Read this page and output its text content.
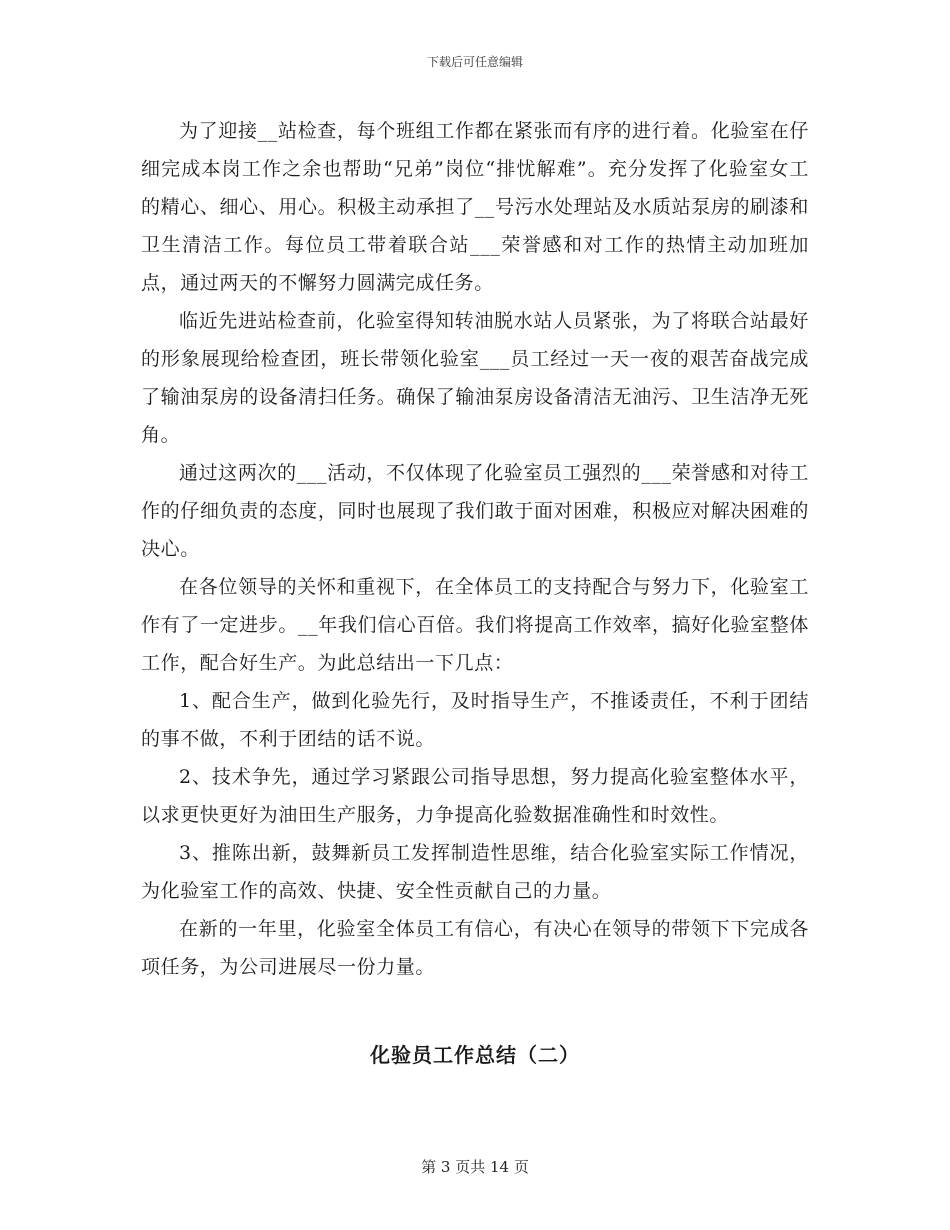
下载后可任意编辑

为了迎接__站检查，每个班组工作都在紧张而有序的进行着。化验室在仔细完成本岗工作之余也帮助“兄弟”岗位“排忧解难”。充分发挥了化验室女工的精心、细心、用心。积极主动承担了__号污水处理站及水质站泵房的刷漆和卫生清洁工作。每位员工带着联合站___荣誉感和对工作的热情主动加班加点，通过两天的不懈努力圆满完成任务。

临近先进站检查前，化验室得知转油脱水站人员紧张，为了将联合站最好的形象展现给检查团，班长带领化验室___员工经过一天一夜的艰苦奋战完成了输油泵房的设备清扫任务。确保了输油泵房设备清洁无油污、卫生洁净无死角。

通过这两次的___活动，不仅体现了化验室员工强烈的___荣誉感和对待工作的仔细负责的态度，同时也展现了我们敢于面对困难，积极应对解决困难的决心。

在各位领导的关怀和重视下，在全体员工的支持配合与努力下，化验室工作有了一定进步。__年我们信心百倍。我们将提高工作效率，搞好化验室整体工作，配合好生产。为此总结出一下几点：

1、配合生产，做到化验先行，及时指导生产，不推诿责任，不利于团结的事不做，不利于团结的话不说。

2、技术争先，通过学习紧跟公司指导思想，努力提高化验室整体水平，以求更快更好为油田生产服务，力争提高化验数据准确性和时效性。

3、推陈出新，鼓舞新员工发挥制造性思维，结合化验室实际工作情况，为化验室工作的高效、快捷、安全性贡献自己的力量。

在新的一年里，化验室全体员工有信心，有决心在领导的带领下下完成各项任务，为公司进展尽一份力量。

化验员工作总结（二）
第 3 页共 14 页
